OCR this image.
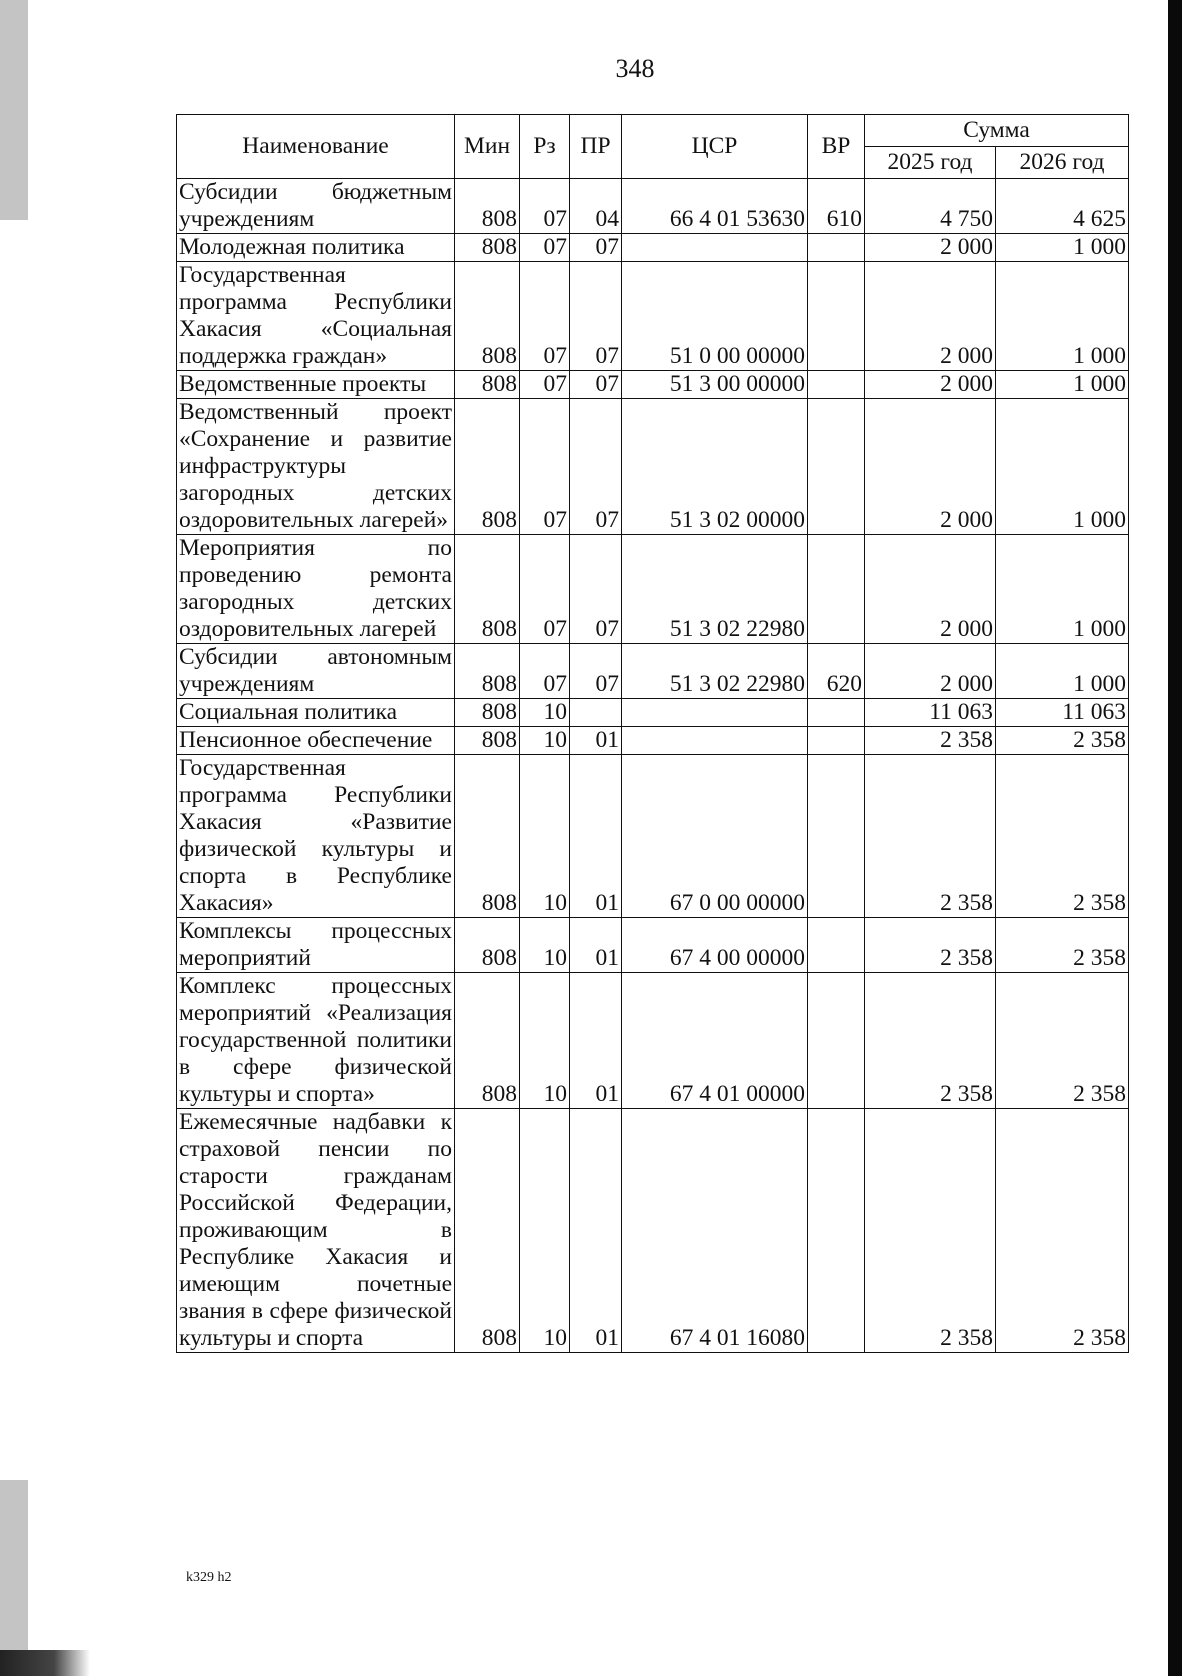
348
Наименование	Мин	Рз	ПР	ЦСР	ВР	Сумма	
						2025 год	2026 год
Субсидии бюджетным учреждениям	808	07	04	66 4 01 53630	610	4 750	4 625
Молодежная политика	808	07	07			2 000	1 000
Государственная программа Республики Хакасия «Социальная поддержка граждан»	808	07	07	51 0 00 00000		2 000	1 000
Ведомственные проекты	808	07	07	51 3 00 00000		2 000	1 000
Ведомственный проект «Сохранение и развитие инфраструктуры загородных детских оздоровительных лагерей»	808	07	07	51 3 02 00000		2 000	1 000
Мероприятия по проведению ремонта загородных детских оздоровительных лагерей	808	07	07	51 3 02 22980		2 000	1 000
Субсидии автономным учреждениям	808	07	07	51 3 02 22980	620	2 000	1 000
Социальная политика	808	10				11 063	11 063
Пенсионное обеспечение	808	10	01			2 358	2 358
Государственная программа Республики Хакасия «Развитие физической культуры и спорта в Республике Хакасия»	808	10	01	67 0 00 00000		2 358	2 358
Комплексы процессных мероприятий	808	10	01	67 4 00 00000		2 358	2 358
Комплекс процессных мероприятий «Реализация государственной политики в сфере физической культуры и спорта»	808	10	01	67 4 01 00000		2 358	2 358
Ежемесячные надбавки к страховой пенсии по старости гражданам Российской Федерации, проживающим в Республике Хакасия и имеющим почетные звания в сфере физической культуры и спорта	808	10	01	67 4 01 16080		2 358	2 358
k329 h2
